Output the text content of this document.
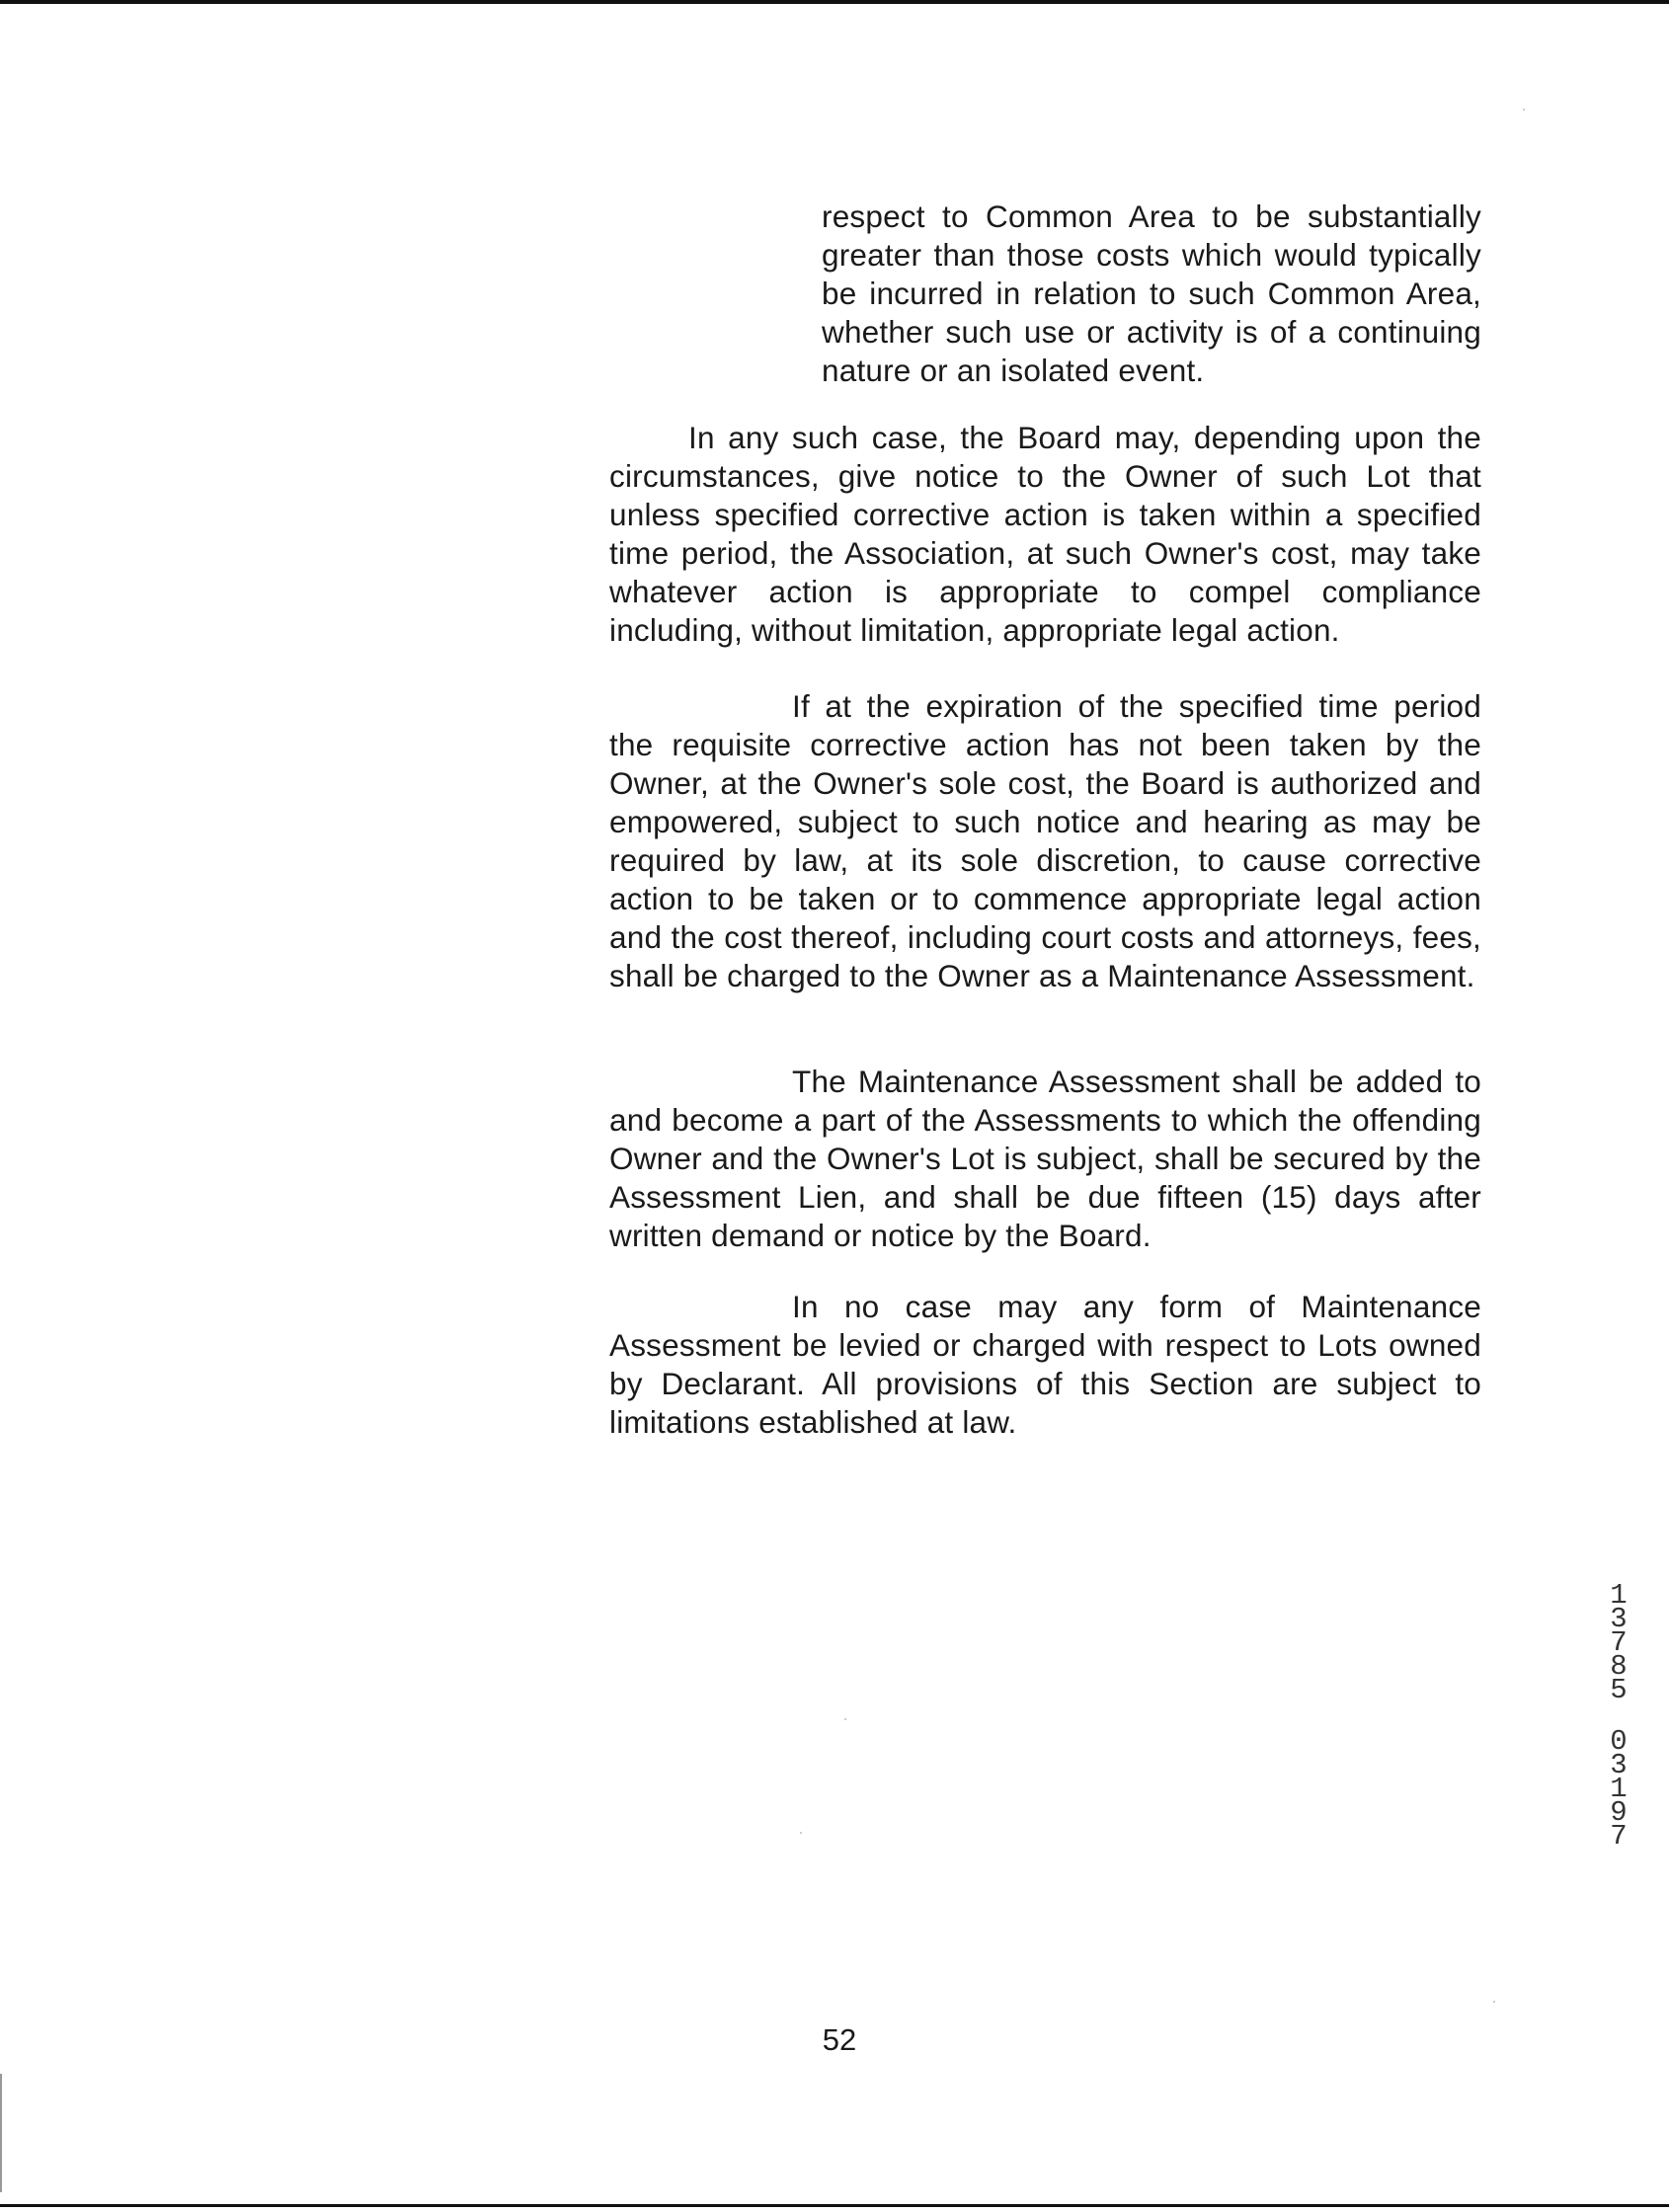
respect to Common Area to be substantially greater than those costs which would typically be incurred in relation to such Common Area, whether such use or activity is of a continuing nature or an isolated event.

In any such case, the Board may, depending upon the circumstances, give notice to the Owner of such Lot that unless specified corrective action is taken within a specified time period, the Association, at such Owner's cost, may take whatever action is appropriate to compel compliance including, without limitation, appropriate legal action.

If at the expiration of the specified time period the requisite corrective action has not been taken by the Owner, at the Owner's sole cost, the Board is authorized and empowered, subject to such notice and hearing as may be required by law, at its sole discretion, to cause corrective action to be taken or to commence appropriate legal action and the cost thereof, including court costs and attorneys, fees, shall be charged to the Owner as a Maintenance Assessment.

The Maintenance Assessment shall be added to and become a part of the Assessments to which the offending Owner and the Owner's Lot is subject, shall be secured by the Assessment Lien, and shall be due fifteen (15) days after written demand or notice by the Board.

In no case may any form of Maintenance Assessment be levied or charged with respect to Lots owned by Declarant. All provisions of this Section are subject to limitations established at law.

13785
03197

52
